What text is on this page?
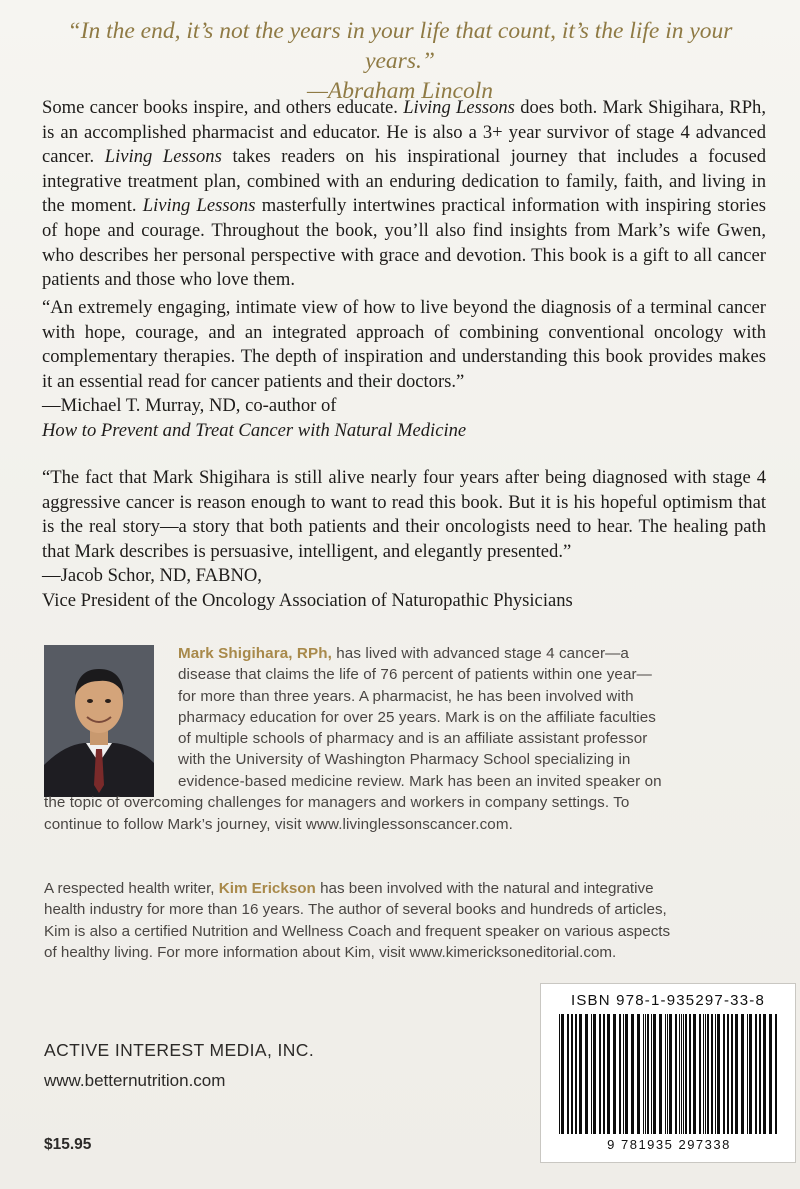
“In the end, it’s not the years in your life that count, it’s the life in your years.”
—Abraham Lincoln

Some cancer books inspire, and others educate. Living Lessons does both. Mark Shigihara, RPh, is an accomplished pharmacist and educator. He is also a 3+ year survivor of stage 4 advanced cancer. Living Lessons takes readers on his inspirational journey that includes a focused integrative treatment plan, combined with an enduring dedication to family, faith, and living in the moment. Living Lessons masterfully intertwines practical information with inspiring stories of hope and courage. Throughout the book, you’ll also find insights from Mark’s wife Gwen, who describes her personal perspective with grace and devotion. This book is a gift to all cancer patients and those who love them.

“An extremely engaging, intimate view of how to live beyond the diagnosis of a terminal cancer with hope, courage, and an integrated approach of combining conventional oncology with complementary therapies. The depth of inspiration and understanding this book provides makes it an essential read for cancer patients and their doctors.”
—Michael T. Murray, ND, co-author of
How to Prevent and Treat Cancer with Natural Medicine
“The fact that Mark Shigihara is still alive nearly four years after being diagnosed with stage 4 aggressive cancer is reason enough to want to read this book. But it is his hopeful optimism that is the real story—a story that both patients and their oncologists need to hear. The healing path that Mark describes is persuasive, intelligent, and elegantly presented.”
—Jacob Schor, ND, FABNO,
Vice President of the Oncology Association of Naturopathic Physicians
Mark Shigihara, RPh, has lived with advanced stage 4 cancer—a
disease that claims the life of 76 percent of patients within one year—
for more than three years. A pharmacist, he has been involved with
pharmacy education for over 25 years. Mark is on the affiliate faculties
of multiple schools of pharmacy and is an affiliate assistant professor
with the University of Washington Pharmacy School specializing in
evidence-based medicine review. Mark has been an invited speaker on
the topic of overcoming challenges for managers and workers in company settings. To
continue to follow Mark’s journey, visit www.livinglessonscancer.com.
A respected health writer, Kim Erickson has been involved with the natural and integrative
health industry for more than 16 years. The author of several books and hundreds of articles,
Kim is also a certified Nutrition and Wellness Coach and frequent speaker on various aspects
of healthy living. For more information about Kim, visit www.kimericksoneditorial.com.
ACTIVE INTEREST MEDIA, INC.
www.betternutrition.com
$15.95
ISBN 978-1-935297-33-8
9 781935 297338
